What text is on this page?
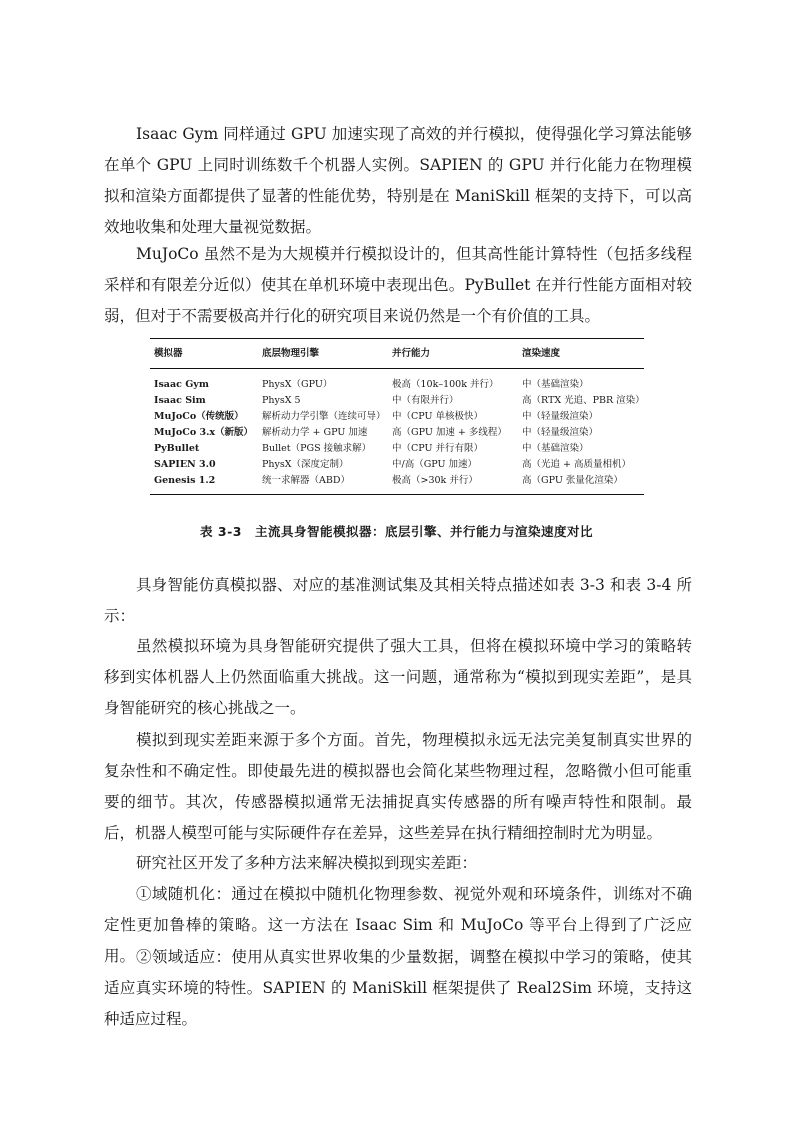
Isaac Gym 同样通过 GPU 加速实现了高效的并行模拟，使得强化学习算法能够在单个 GPU 上同时训练数千个机器人实例。SAPIEN 的 GPU 并行化能力在物理模拟和渲染方面都提供了显著的性能优势，特别是在 ManiSkill 框架的支持下，可以高效地收集和处理大量视觉数据。

MuJoCo 虽然不是为大规模并行模拟设计的，但其高性能计算特性（包括多线程采样和有限差分近似）使其在单机环境中表现出色。PyBullet 在并行性能方面相对较弱，但对于不需要极高并行化的研究项目来说仍然是一个有价值的工具。

模拟器	底层物理引擎	并行能力	渲染速度
Isaac Gym	PhysX（GPU）	极高（10k–100k 并行）	中（基础渲染）
Isaac Sim	PhysX 5	中（有限并行）	高（RTX 光追、PBR 渲染）
MuJoCo（传统版）	解析动力学引擎（连续可导）	中（CPU 单核极快）	中（轻量级渲染）
MuJoCo 3.x（新版）	解析动力学 + GPU 加速	高（GPU 加速 + 多线程）	中（轻量级渲染）
PyBullet	Bullet（PGS 接触求解）	中（CPU 并行有限）	中（基础渲染）
SAPIEN 3.0	PhysX（深度定制）	中/高（GPU 加速）	高（光追 + 高质量相机）
Genesis 1.2	统一求解器（ABD）	极高（>30k 并行）	高（GPU 张量化渲染）
表 3-3　主流具身智能模拟器：底层引擎、并行能力与渲染速度对比

具身智能仿真模拟器、对应的基准测试集及其相关特点描述如表 3-3 和表 3-4 所示：

虽然模拟环境为具身智能研究提供了强大工具，但将在模拟环境中学习的策略转移到实体机器人上仍然面临重大挑战。这一问题，通常称为“模拟到现实差距”，是具身智能研究的核心挑战之一。

模拟到现实差距来源于多个方面。首先，物理模拟永远无法完美复制真实世界的复杂性和不确定性。即使最先进的模拟器也会简化某些物理过程，忽略微小但可能重要的细节。其次，传感器模拟通常无法捕捉真实传感器的所有噪声特性和限制。最后，机器人模型可能与实际硬件存在差异，这些差异在执行精细控制时尤为明显。

研究社区开发了多种方法来解决模拟到现实差距：

①域随机化：通过在模拟中随机化物理参数、视觉外观和环境条件，训练对不确定性更加鲁棒的策略。这一方法在 Isaac Sim 和 MuJoCo 等平台上得到了广泛应用。 ②领域适应：使用从真实世界收集的少量数据，调整在模拟中学习的策略，使其适应真实环境的特性。SAPIEN 的 ManiSkill 框架提供了 Real2Sim 环境，支持这种适应过程。
